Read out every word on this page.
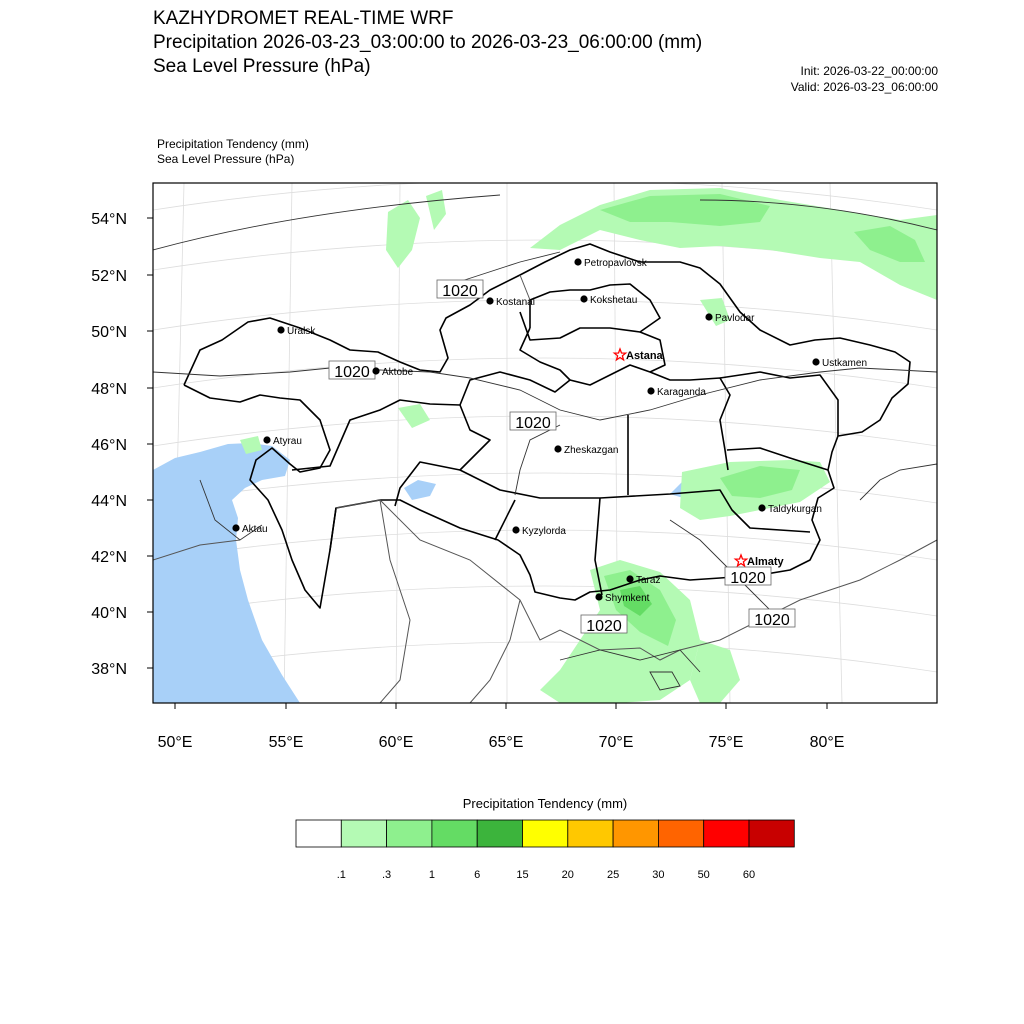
KAZHYDROMET REAL-TIME WRF
Precipitation 2026-03-23_03:00:00 to 2026-03-23_06:00:00 (mm)
Sea Level Pressure (hPa)	Init: 2026-03-22_00:00:00
Valid: 2026-03-23_06:00:00
Precipitation Tendency (mm)
Sea Level Pressure (hPa)
1020
1020
1020
1020
1020
1020
Petropavlovsk
Kostanai	Kokshetau
Pavlodar
Uralsk
Astana
Aktobe
Ustkamen
Karaganda
Atyrau
Zheskazgan
Aktau	Kyzylorda
Taldykurgan
Almaty
Taraz
Shymkent
54°N
52°N
50°N
48°N
46°N
44°N
42°N
40°N
38°N
50°E	55°E	60°E	65°E	70°E	75°E	80°E
.1	.3	1	6	15	20	25	30	50	60
Precipitation Tendency (mm)
